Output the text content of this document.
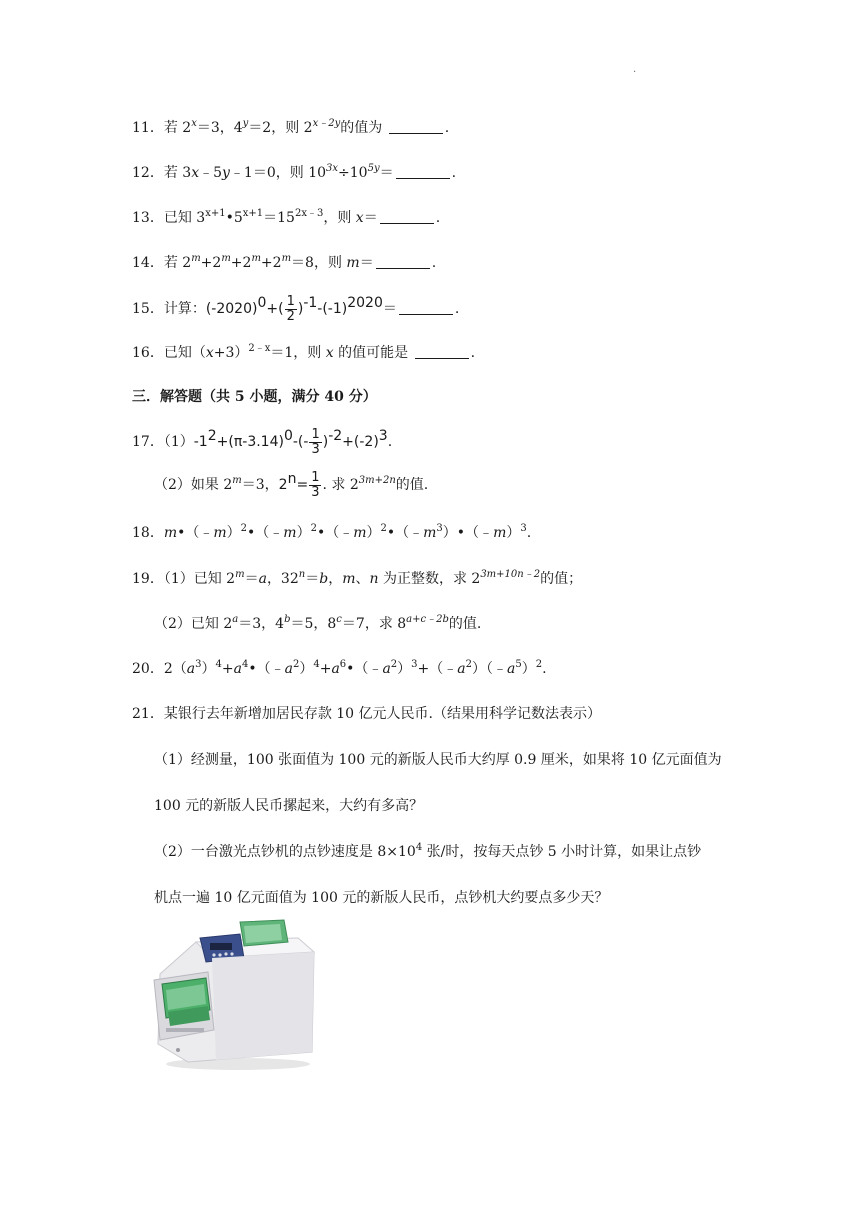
.
11．若 $2^x=3$，$4^y=2$，则 $2^{x﹣2y}$的值为	.
12．若 3x﹣5y﹣1＝0，则 $10^{3x}\div 10^{5y}=$	.
13．已知 $3^{x+1}•5^{x+1}=15^{2x﹣3}$，则 x＝	.
14．若 $2^m+2^m+2^m+2^m=8$，则 m＝	.
15．计算：$(-2020)^0+( \frac{1}{2} )^{-1}-(-1)^{2020}=$	.
16．已知$(x+3)^{2﹣x}=1$，则 x 的值可能是	.
三．解答题（共 5 小题，满分 40 分）
17．$(1)-1^2+(\pi-3.14)^0-(- \frac{1}{3} )^{-2}+(-2)^3$.
（2）如果 $2^m=3$，$2^n= \frac{1}{3}$ . 求 $2^{3m+2n}$的值.
18．$m•(﹣m)^2•(﹣m)^2•(﹣m)^2•(﹣m^3)•(﹣m)^3$.
19．（1）已知 $2^m=a$，$32^n=b$，m、n 为正整数，求 $2^{3m+10n﹣2}$的值；
（2）已知 $2^a=3$，$4^b=5$，$8^c=7$，求 $8^{a+c﹣2b}$的值.
20．$2(a^3)^4+a^4•(﹣a^2)^4+a^6•(﹣a^2)^3+(﹣a^2)(﹣a^5)^2$.
21．某银行去年新增加居民存款 10 亿元人民币.（结果用科学记数法表示）
（1）经测量，100 张面值为 100 元的新版人民币大约厚 0.9 厘米，如果将 10 亿元面值为
100 元的新版人民币摞起来，大约有多高？
（2）一台激光点钞机的点钞速度是 $8\times 10^4$ 张/时，按每天点钞 5 小时计算，如果让点钞
机点一遍 10 亿元面值为 100 元的新版人民币，点钞机大约要点多少天？
